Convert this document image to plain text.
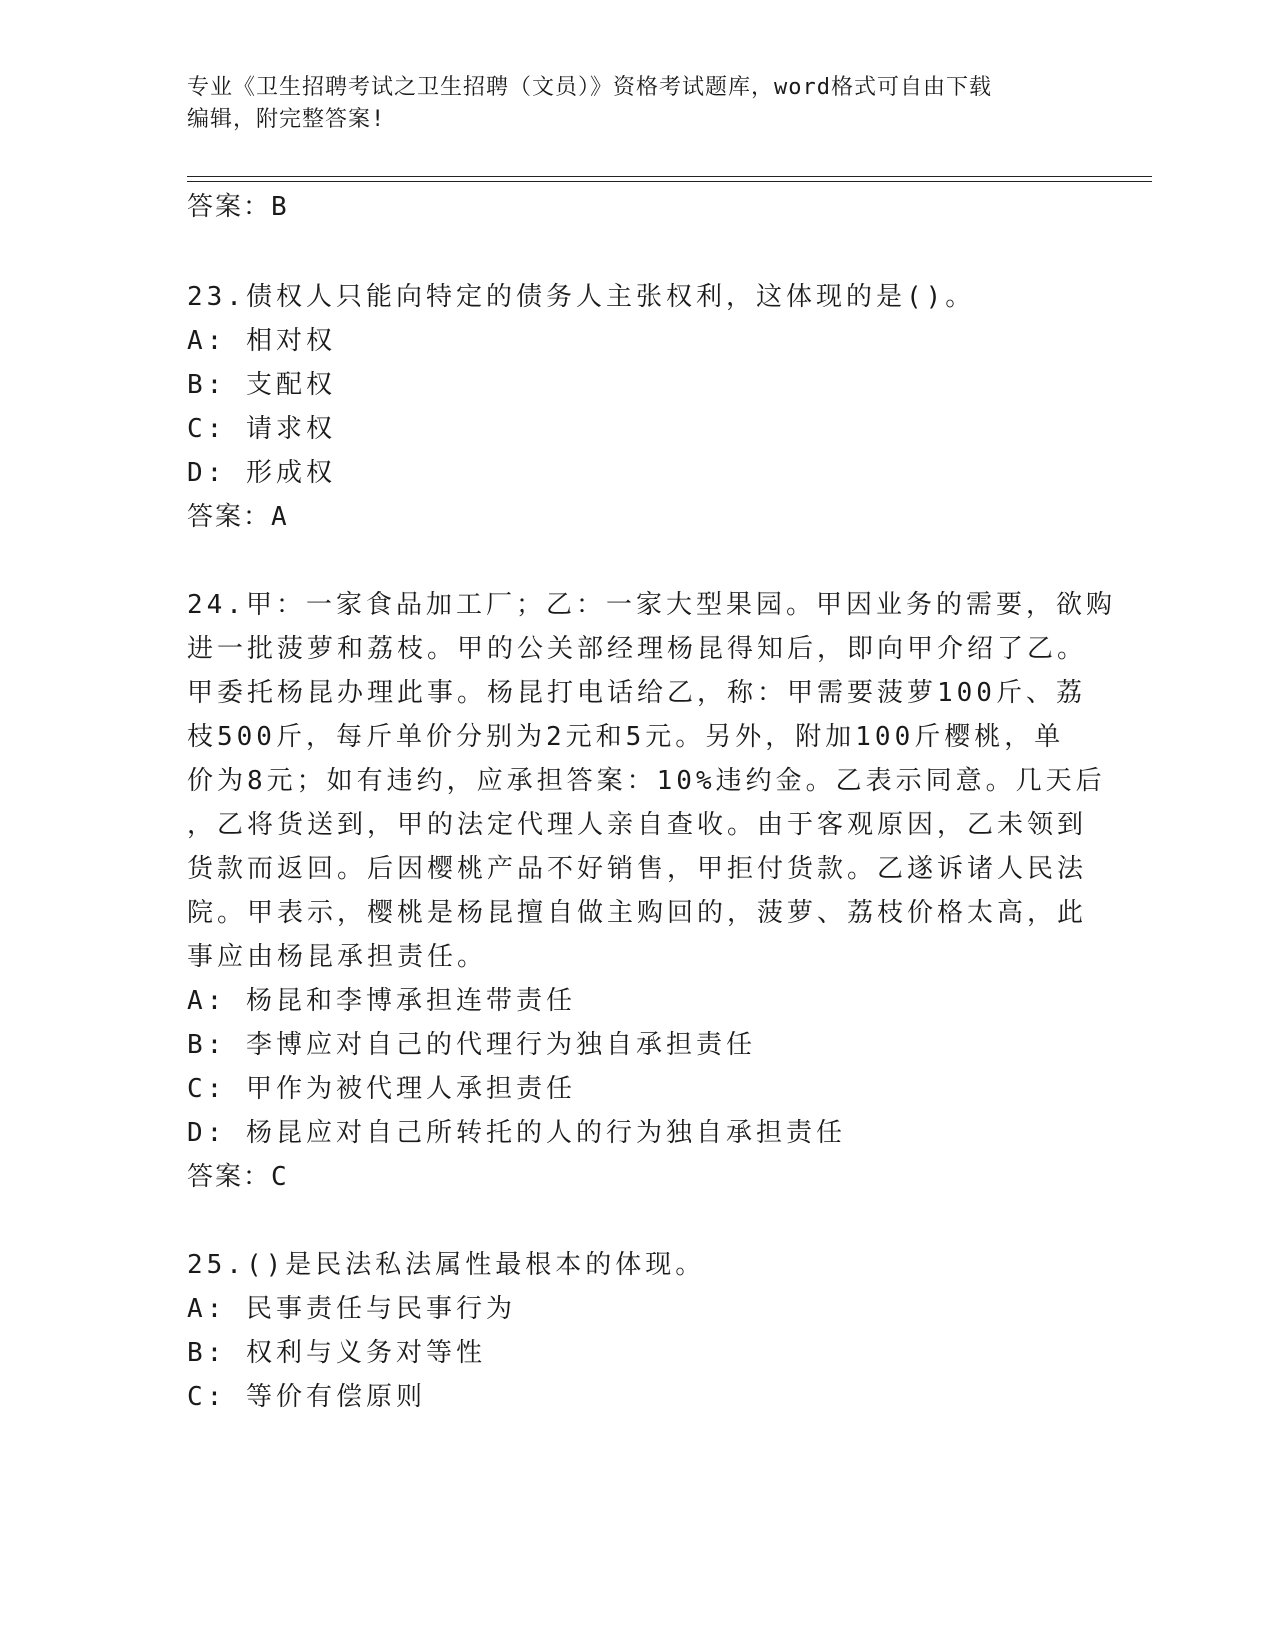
专业《卫生招聘考试之卫生招聘（文员）》资格考试题库，word格式可自由下载
编辑，附完整答案!
答案：B
23.债权人只能向特定的债务人主张权利，这体现的是()。
A: 相对权
B: 支配权
C: 请求权
D: 形成权
答案：A
24.甲：一家食品加工厂；乙：一家大型果园。甲因业务的需要，欲购
进一批菠萝和荔枝。甲的公关部经理杨昆得知后，即向甲介绍了乙。
甲委托杨昆办理此事。杨昆打电话给乙，称：甲需要菠萝100斤、荔
枝500斤，每斤单价分别为2元和5元。另外，附加100斤樱桃，单
价为8元；如有违约，应承担答案：10%违约金。乙表示同意。几天后
，乙将货送到，甲的法定代理人亲自查收。由于客观原因，乙未领到
货款而返回。后因樱桃产品不好销售，甲拒付货款。乙遂诉诸人民法
院。甲表示，樱桃是杨昆擅自做主购回的，菠萝、荔枝价格太高，此
事应由杨昆承担责任。
A: 杨昆和李博承担连带责任
B: 李博应对自己的代理行为独自承担责任
C: 甲作为被代理人承担责任
D: 杨昆应对自己所转托的人的行为独自承担责任
答案：C
25.()是民法私法属性最根本的体现。
A: 民事责任与民事行为
B: 权利与义务对等性
C: 等价有偿原则
